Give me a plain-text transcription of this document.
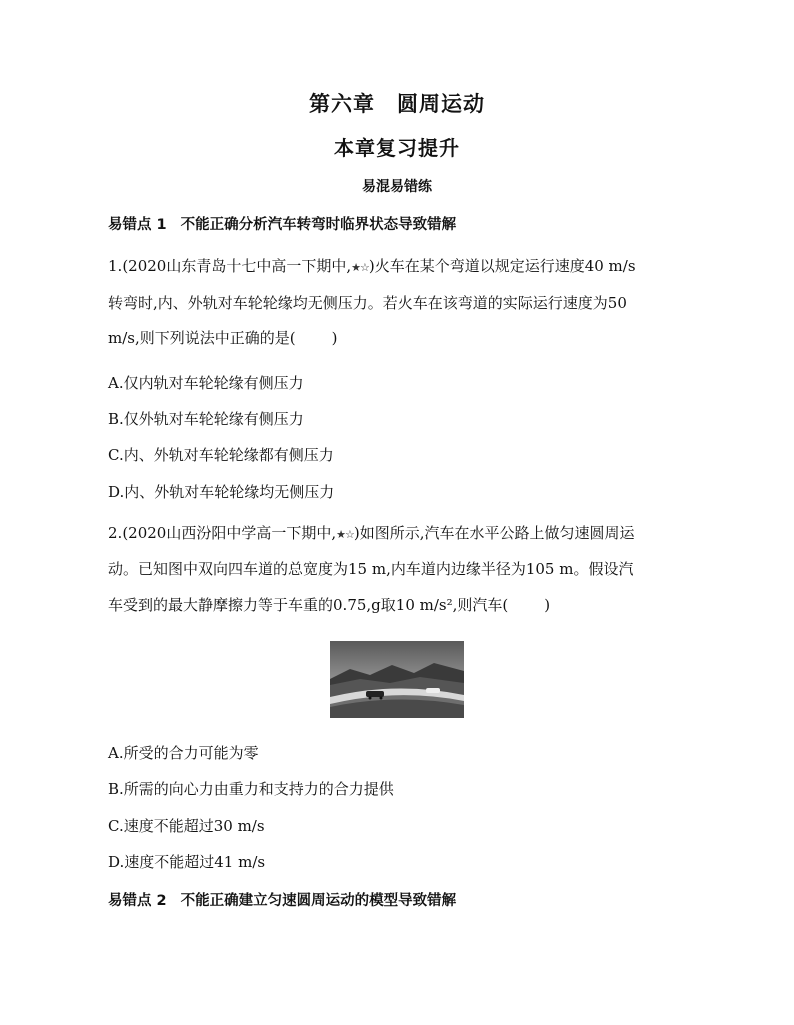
第六章　圆周运动
本章复习提升
易混易错练
易错点 1 不能正确分析汽车转弯时临界状态导致错解
1.(2020山东青岛十七中高一下期中,★☆)火车在某个弯道以规定运行速度40 m/s
转弯时,内、外轨对车轮轮缘均无侧压力。若火车在该弯道的实际运行速度为50
m/s,则下列说法中正确的是( )
A.仅内轨对车轮轮缘有侧压力
B.仅外轨对车轮轮缘有侧压力
C.内、外轨对车轮轮缘都有侧压力
D.内、外轨对车轮轮缘均无侧压力
2.(2020山西汾阳中学高一下期中,★☆)如图所示,汽车在水平公路上做匀速圆周运
动。已知图中双向四车道的总宽度为15 m,内车道内边缘半径为105 m。假设汽
车受到的最大静摩擦力等于车重的0.75,g取10 m/s²,则汽车( )
A.所受的合力可能为零
B.所需的向心力由重力和支持力的合力提供
C.速度不能超过30 m/s
D.速度不能超过41 m/s
易错点 2 不能正确建立匀速圆周运动的模型导致错解
